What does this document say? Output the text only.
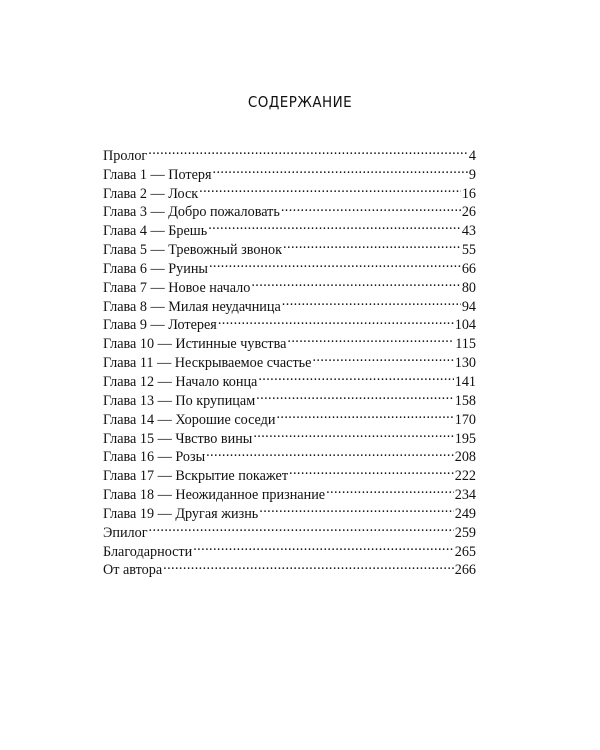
СОДЕРЖАНИЕ
Пролог .....	4
Глава 1 — Потеря .....	9
Глава 2 — Лоск .....	16
Глава 3 — Добро пожаловать .....	26
Глава 4 — Брешь .....	43
Глава 5 — Тревожный звонок .....	55
Глава 6 — Руины .....	66
Глава 7 — Новое начало .....	80
Глава 8 — Милая неудачница .....	94
Глава 9 — Лотерея .....	104
Глава 10 — Истинные чувства .....	115
Глава 11 — Нескрываемое счастье .....	130
Глава 12 — Начало конца .....	141
Глава 13 — По крупицам .....	158
Глава 14 — Хорошие соседи .....	170
Глава 15 — Чвство вины .....	195
Глава 16 — Розы .....	208
Глава 17 — Вскрытие покажет .....	222
Глава 18 — Неожиданное признание .....	234
Глава 19 — Другая жизнь .....	249
Эпилог .....	259
Благодарности .....	265
От автора .....	266
